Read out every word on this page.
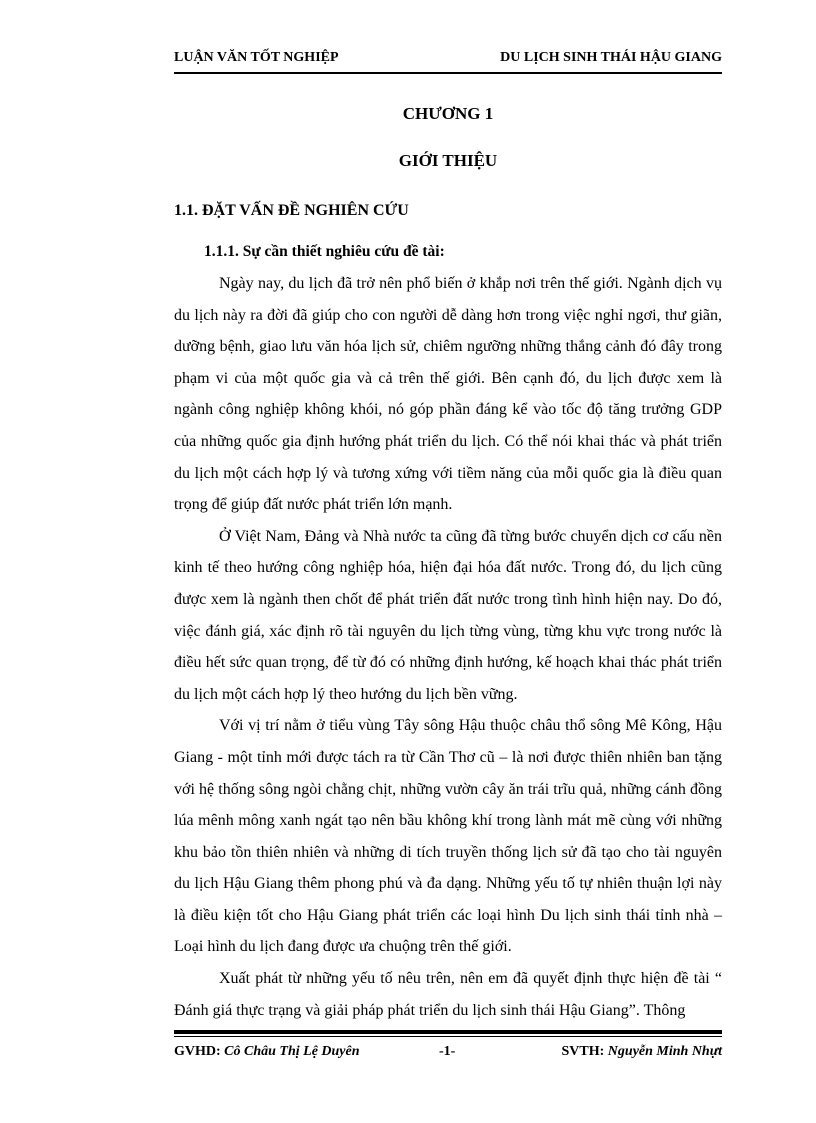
LUẬN VĂN TỐT NGHIỆP	DU LỊCH SINH THÁI HẬU GIANG
CHƯƠNG 1
GIỚI THIỆU
1.1. ĐẶT VẤN ĐỀ NGHIÊN CỨU
1.1.1. Sự cần thiết nghiêu cứu đề tài:

Ngày nay, du lịch đã trở nên phổ biến ở khắp nơi trên thế giới. Ngành dịch vụ du lịch này ra đời đã giúp cho con người dễ dàng hơn trong việc nghỉ ngơi, thư giãn, dưỡng bệnh, giao lưu văn hóa lịch sử, chiêm ngưỡng những thắng cảnh đó đây trong phạm vi của một quốc gia và cả trên thế giới. Bên cạnh đó, du lịch được xem là ngành công nghiệp không khói, nó góp phần đáng kể vào tốc độ tăng trưởng GDP của những quốc gia định hướng phát triển du lịch. Có thể nói khai thác và phát triển du lịch một cách hợp lý và tương xứng với tiềm năng của mỗi quốc gia là điều quan trọng để giúp đất nước phát triển lớn mạnh.

Ở Việt Nam, Đảng và Nhà nước ta cũng đã từng bước chuyển dịch cơ cấu nền kinh tế theo hướng công nghiệp hóa, hiện đại hóa đất nước. Trong đó, du lịch cũng được xem là ngành then chốt để phát triển đất nước trong tình hình hiện nay. Do đó, việc đánh giá, xác định rõ tài nguyên du lịch từng vùng, từng khu vực trong nước là điều hết sức quan trọng, để từ đó có những định hướng, kế hoạch khai thác phát triển du lịch một cách hợp lý theo hướng du lịch bền vững.

Với vị trí nằm ở tiểu vùng Tây sông Hậu thuộc châu thổ sông Mê Kông, Hậu Giang - một tỉnh mới được tách ra từ Cần Thơ cũ – là nơi được thiên nhiên ban tặng với hệ thống sông ngòi chằng chịt, những vườn cây ăn trái trĩu quả, những cánh đồng lúa mênh mông xanh ngát tạo nên bầu không khí trong lành mát mẽ cùng với những khu bảo tồn thiên nhiên và những di tích truyền thống lịch sử đã tạo cho tài nguyên du lịch Hậu Giang thêm phong phú và đa dạng. Những yếu tố tự nhiên thuận lợi này là điều kiện tốt cho Hậu Giang phát triển các loại hình Du lịch sinh thái tỉnh nhà – Loại hình du lịch đang được ưa chuộng trên thế giới.

Xuất phát từ những yếu tố nêu trên, nên em đã quyết định thực hiện đề tài “ Đánh giá thực trạng và giải pháp phát triển du lịch sinh thái Hậu Giang”. Thông

GVHD: Cô Châu Thị Lệ Duyên	-1-	SVTH: Nguyễn Minh Nhựt
